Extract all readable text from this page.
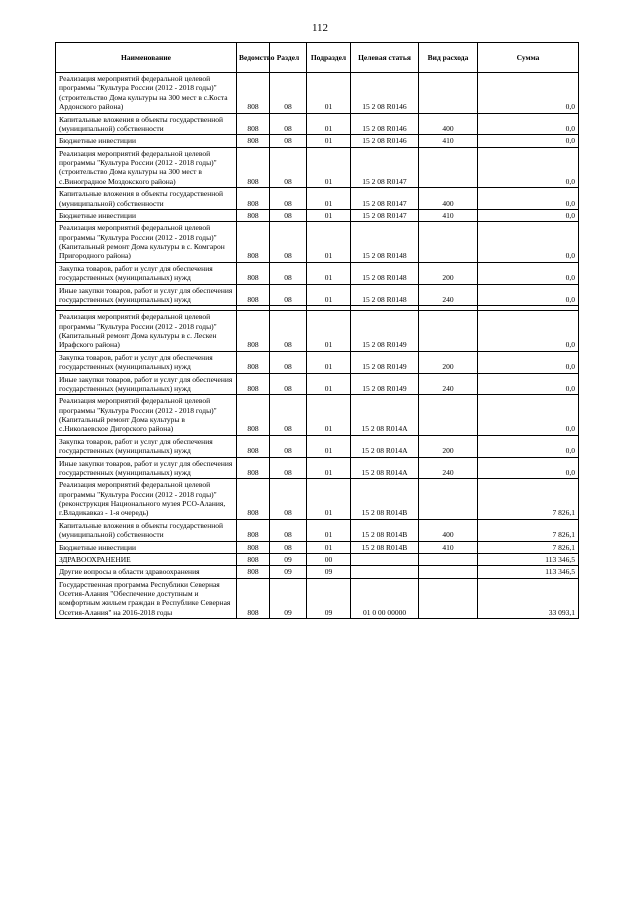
112
Наименование	Ведомство	Раздел	Подраздел	Целевая статья	Вид расхода	Сумма
Реализация мероприятий федеральной целевой программы "Культура России (2012 - 2018 годы)" (строительство Дома культуры на 300 мест в с.Коста Ардонского района)	808	08	01	15 2 08 R0146		0,0
Капитальные вложения в объекты государственной (муниципальной) собственности	808	08	01	15 2 08 R0146	400	0,0
Бюджетные инвестиции	808	08	01	15 2 08 R0146	410	0,0
Реализация мероприятий федеральной целевой программы "Культура России (2012 - 2018 годы)" (строительство Дома культуры на 300 мест в с.Виноградное Моздокского района)	808	08	01	15 2 08 R0147		0,0
Капитальные вложения в объекты государственной (муниципальной) собственности	808	08	01	15 2 08 R0147	400	0,0
Бюджетные инвестиции	808	08	01	15 2 08 R0147	410	0,0
Реализация мероприятий федеральной целевой программы "Культура России (2012 - 2018 годы)" (Капитальный ремонт Дома культуры в с. Комгарон Пригородного района)	808	08	01	15 2 08 R0148		0,0
Закупка товаров, работ и услуг для обеспечения государственных (муниципальных) нужд	808	08	01	15 2 08 R0148	200	0,0
Иные закупки товаров, работ и услуг для обеспечения государственных (муниципальных) нужд	808	08	01	15 2 08 R0148	240	0,0

Реализация мероприятий федеральной целевой программы "Культура России (2012 - 2018 годы)" (Капитальный ремонт Дома культуры в с. Лескен Ирафского района)	808	08	01	15 2 08 R0149		0,0
Закупка товаров, работ и услуг для обеспечения государственных (муниципальных) нужд	808	08	01	15 2 08 R0149	200	0,0
Иные закупки товаров, работ и услуг для обеспечения государственных (муниципальных) нужд	808	08	01	15 2 08 R0149	240	0,0
Реализация мероприятий федеральной целевой программы "Культура России (2012 - 2018 годы)"(Капитальный ремонт Дома культуры в с.Николаевское Дигорского района)	808	08	01	15 2 08 R014A		0,0
Закупка товаров, работ и услуг для обеспечения государственных (муниципальных) нужд	808	08	01	15 2 08 R014A	200	0,0
Иные закупки товаров, работ и услуг для обеспечения государственных (муниципальных) нужд	808	08	01	15 2 08 R014A	240	0,0
Реализация мероприятий федеральной целевой программы "Культура России (2012 - 2018 годы)" (реконструкция Национального музея РСО-Алания, г.Владикавказ - 1-я очередь)	808	08	01	15 2 08 R014B		7 826,1
Капитальные вложения в объекты государственной (муниципальной) собственности	808	08	01	15 2 08 R014B	400	7 826,1
Бюджетные инвестиции	808	08	01	15 2 08 R014B	410	7 826,1
ЗДРАВООХРАНЕНИЕ	808	09	00			113 346,5
Другие вопросы в области здравоохранения	808	09	09			113 346,5
Государственная программа Республики Северная Осетия-Алания "Обеспечение доступным и комфортным жильем граждан в Республике Северная Осетия-Алания" на 2016-2018 годы	808	09	09	01 0 00 00000		33 093,1
